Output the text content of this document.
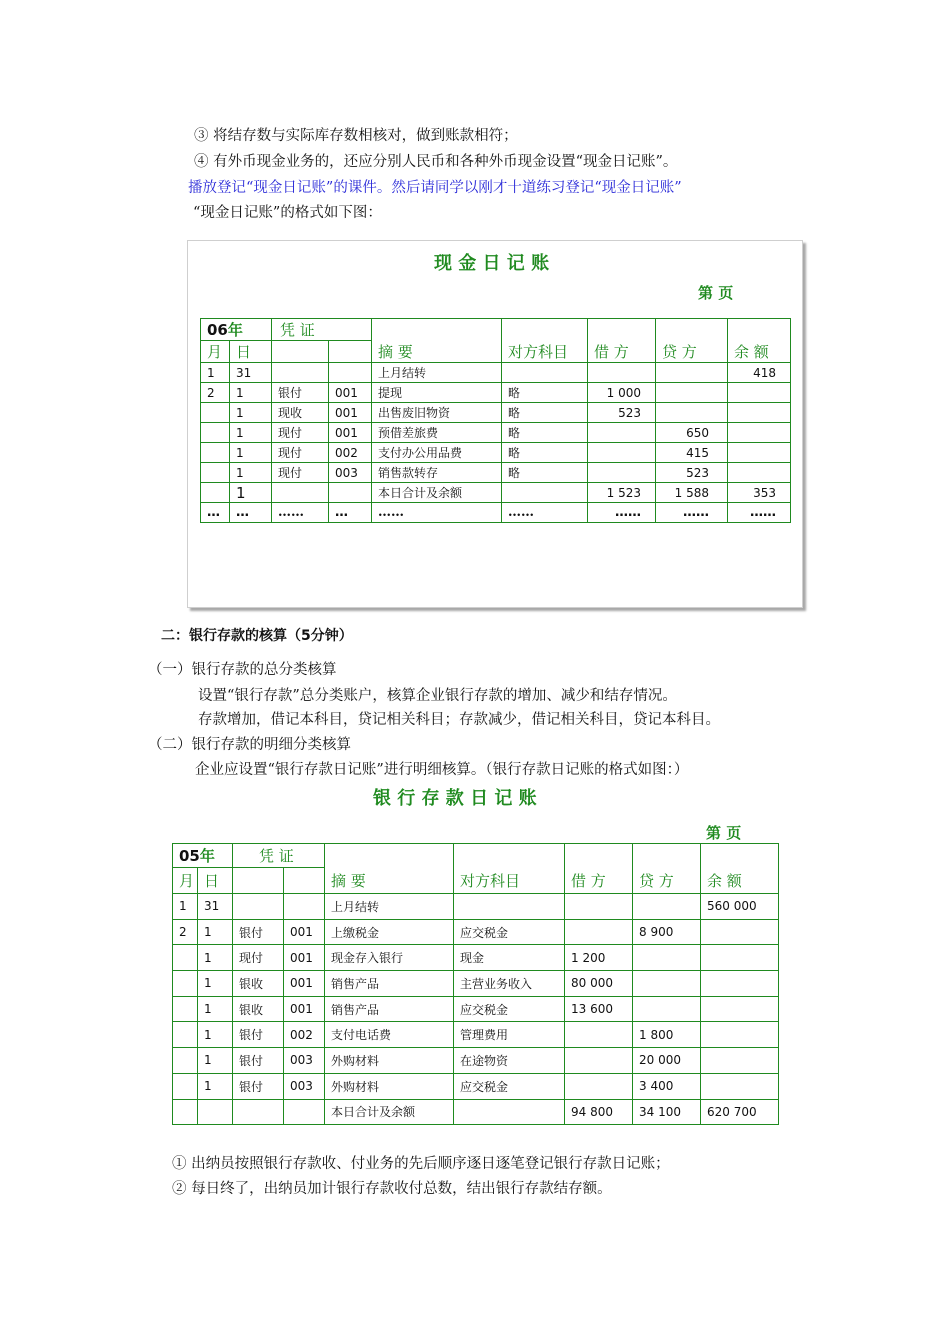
③ 将结存数与实际库存数相核对，做到账款相符；
④ 有外币现金业务的，还应分别人民币和各种外币现金设置“现金日记账”。
播放登记“现金日记账”的课件。然后请同学以刚才十道练习登记“现金日记账”
“现金日记账”的格式如下图：
现 金 日 记 账
第 页
06年		凭 证		摘 要	对方科目	借 方	贷 方	余 额
月	日							
1	31			上月结转				418
2	1	银付	001	提现	略	1 000		
	1	现收	001	出售废旧物资	略	523		
	1	现付	001	预借差旅费	略		650	
	1	现付	002	支付办公用品费	略		415	
	1	现付	003	销售款转存	略		523	
	1			本日合计及余额		1 523	1 588	353
…	…	……	…	……	……	……	……	……
二：银行存款的核算（5分钟）
（一）银行存款的总分类核算
设置“银行存款”总分类账户，核算企业银行存款的增加、减少和结存情况。
存款增加，借记本科目，贷记相关科目；存款减少，借记相关科目，贷记本科目。
（二）银行存款的明细分类核算
企业应设置“银行存款日记账”进行明细核算。（银行存款日记账的格式如图：）
银 行 存 款 日 记 账
第 页
05年		凭 证		摘 要	对方科目	借 方	贷 方	余 额
月	日							
1	31			上月结转				560 000
2	1	银付	001	上缴税金	应交税金		8 900	
	1	现付	001	现金存入银行	现金	1 200		
	1	银收	001	销售产品	主营业务收入	80 000		
	1	银收	001	销售产品	应交税金	13 600		
	1	银付	002	支付电话费	管理费用		1 800	
	1	银付	003	外购材料	在途物资		20 000	
	1	银付	003	外购材料	应交税金		3 400	
				本日合计及余额		94 800	34 100	620 700
① 出纳员按照银行存款收、付业务的先后顺序逐日逐笔登记银行存款日记账；
② 每日终了，出纳员加计银行存款收付总数，结出银行存款结存额。
